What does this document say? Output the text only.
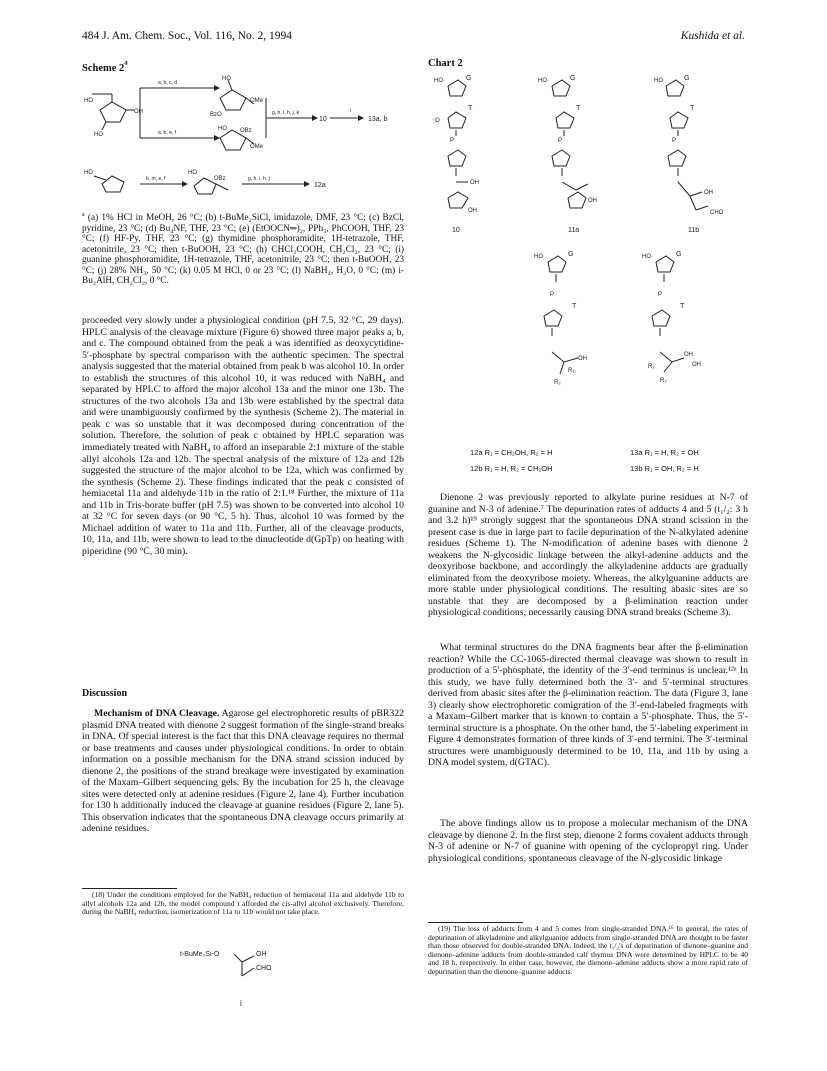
484 J. Am. Chem. Soc., Vol. 116, No. 2, 1994	Kushida et al.
Scheme 2$^a$
HO
OH
HO
a, b, c, d
a, b, e, f
HO
BzO
OMe
HO OBz
OMe
g, h, i, h, j, k
10
i
13a, b
HO
b, m, e, f
HO
OBz	g, h, i, h, j
12a
$^a$ (a) 1% HCl in MeOH, 26 °C; (b) t-BuMe₂SiCl, imidazole, DMF, 23 °C; (c) BzCl, pyridine, 23 °C; (d) Bu₄NF, THF, 23 °C; (e) (EtOOCN═)₂, PPh₃, PhCOOH, THF, 23 °C; (f) HF-Py, THF, 23 °C; (g) thymidine phosphoramidite, 1H-tetrazole, THF, acetonitrile, 23 °C; then t-BuOOH, 23 °C; (h) CHCl₂COOH, CH₂Cl₂, 23 °C; (i) guanine phosphoramidite, 1H-tetrazole, THF, acetonitrile, 23 °C; then t-BuOOH, 23 °C; (j) 28% NH₃, 50 °C; (k) 0.05 M HCl, 0 or 23 °C; (l) NaBH₄, H₂O, 0 °C; (m) i-Bu₂AlH, CH₂Cl₂, 0 °C.
proceeded very slowly under a physiological condition (pH 7.5, 32 °C, 29 days). HPLC analysis of the cleavage mixture (Figure 6) showed three major peaks a, b, and c. The compound obtained from the peak a was identified as deoxycytidine-5′-phosphate by spectral comparison with the authentic specimen. The spectral analysis suggested that the material obtained from peak b was alcohol 10. In order to establish the structures of this alcohol 10, it was reduced with NaBH₄ and separated by HPLC to afford the major alcohol 13a and the minor one 13b. The structures of the two alcohols 13a and 13b were established by the spectral data and were unambiguously confirmed by the synthesis (Scheme 2). The material in peak c was so unstable that it was decomposed during concentration of the solution. Therefore, the solution of peak c obtained by HPLC separation was immediately treated with NaBH₄ to afford an inseparable 2:1 mixture of the stable allyl alcohols 12a and 12b. The spectral analysis of the mixture of 12a and 12b suggested the structure of the major alcohol to be 12a, which was confirmed by the synthesis (Scheme 2). These findings indicated that the peak c consisted of hemiacetal 11a and aldehyde 11b in the ratio of 2:1.¹⁸ Further, the mixture of 11a and 11b in Tris-borate buffer (pH 7.5) was shown to be converted into alcohol 10 at 32 °C for seven days (or 90 °C, 5 h). Thus, alcohol 10 was formed by the Michael addition of water to 11a and 11b. Further, all of the cleavage products, 10, 11a, and 11b, were shown to lead to the dinucleotide d(GpTp) on heating with piperidine (90 °C, 30 min).
Discussion
Mechanism of DNA Cleavage. Agarose gel electrophoretic results of pBR322 plasmid DNA treated with dienone 2 suggest formation of the single-strand breaks in DNA. Of special interest is the fact that this DNA cleavage requires no thermal or base treatments and causes under physiological conditions. In order to obtain information on a possible mechanism for the DNA strand scission induced by dienone 2, the positions of the strand breakage were investigated by examination of the Maxam–Gilbert sequencing gels. By the incubation for 25 h, the cleavage sites were detected only at adenine residues (Figure 2, lane 4). Further incubation for 130 h additionally induced the cleavage at guanine residues (Figure 2, lane 5). This observation indicates that the spontaneous DNA cleavage occurs primarily at adenine residues.
(18) Under the conditions employed for the NaBH₄ reduction of hemiacetal 11a and aldehyde 11b to allyl alcohols 12a and 12b, the model compound i afforded the cis-allyl alcohol exclusively. Therefore, during the NaBH₄ reduction, isomerization of 11a to 11b would not take place.
t-BuMe₂Si-O	OH
CHO
i
Chart 2
HO	G
⁻O
T
P
OH
OH
HO	G
T
P
OH
HO	G
T
P
OH
CHO
10	11a	11b
HO	G
T
P
OH
R₁
R₂
HO	G
T
P
OH
OH
R₁
R₂
12a R₁ = CH₂OH, R₂ = H
12b R₁ = H, R₂ = CH₂OH
13a R₁ = H, R₂ = OH
13b R₁ = OH, R₂ = H
Dienone 2 was previously reported to alkylate purine residues at N-7 of guanine and N-3 of adenine.⁷ The depurination rates of adducts 4 and 5 (t₁/₂: 3 h and 3.2 h)¹⁹ strongly suggest that the spontaneous DNA strand scission in the present case is due in large part to facile depurination of the N-alkylated adenine residues (Scheme 1). The N-modification of adenine bases with dienone 2 weakens the N-glycosidic linkage between the alkyl-adenine adducts and the deoxyribose backbone, and accordingly the alkyladenine adducts are gradually eliminated from the deoxyribose moiety. Whereas, the alkylguanine adducts are more stable under physiological conditions. The resulting abasic sites are so unstable that they are decomposed by a β-elimination reaction under physiological conditions, necessarily causing DNA strand breaks (Scheme 3).
What terminal structures do the DNA fragments bear after the β-elimination reaction? While the CC-1065-directed thermal cleavage was shown to result in production of a 5′-phosphate, the identity of the 3′-end terminus is unclear.¹²ᵃ In this study, we have fully determined both the 3′- and 5′-terminal structures derived from abasic sites after the β-elimination reaction. The data (Figure 3, lane 3) clearly show electrophoretic comigration of the 3′-end-labeled fragments with a Maxam–Gilbert marker that is known to contain a 5′-phosphate. Thus, the 5′-terminal structure is a phosphate. On the other hand, the 5′-labeling experiment in Figure 4 demonstrates formation of three kinds of 3′-end termini. The 3′-terminal structures were unambiguously determined to be 10, 11a, and 11b by using a DNA model system, d(GTAC).
The above findings allow us to propose a molecular mechanism of the DNA cleavage by dienone 2. In the first step, dienone 2 forms covalent adducts through N-3 of adenine or N-7 of guanine with opening of the cyclopropyl ring. Under physiological conditions, spontaneous cleavage of the N-glycosidic linkage
(19) The loss of adducts from 4 and 5 comes from single-stranded DNA.¹⁶ In general, the rates of depurination of alkyladenine and alkylguanine adducts from single-stranded DNA are thought to be faster than those observed for double-stranded DNA. Indeed, the t₁/₂'s of depurination of dienone–guanine and dienone–adenine adducts from double-stranded calf thymus DNA were determined by HPLC to be 40 and 18 h, respectively. In either case, however, the dienone–adenine adducts show a more rapid rate of depurination than the dienone–guanine adducts.
